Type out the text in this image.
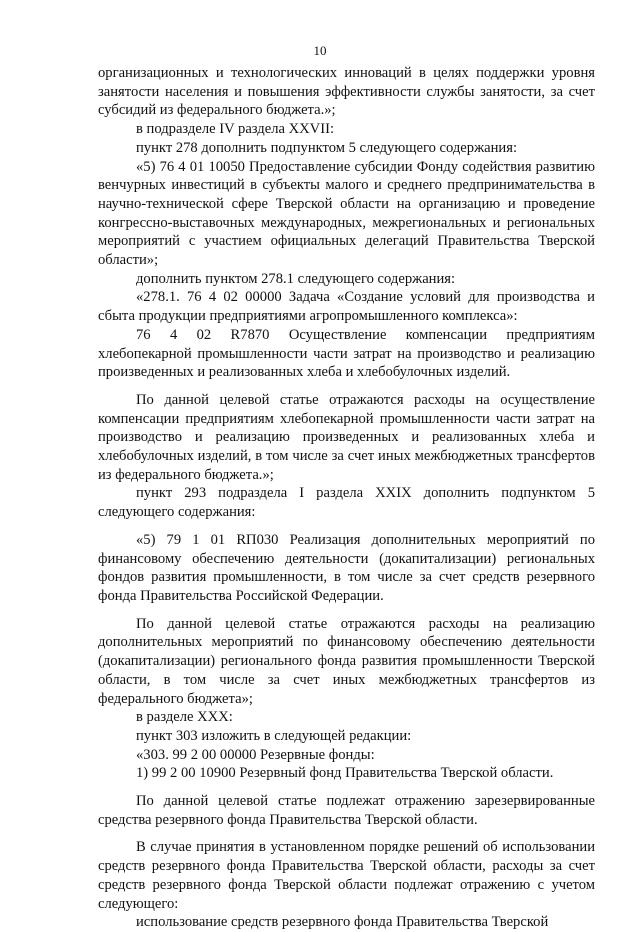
10

организационных и технологических инноваций в целях поддержки уровня занятости населения и повышения эффективности службы занятости, за счет субсидий из федерального бюджета.»;

в подразделе IV раздела XXVII:

пункт 278 дополнить подпунктом 5 следующего содержания:

«5) 76 4 01 10050 Предоставление субсидии Фонду содействия развитию венчурных инвестиций в субъекты малого и среднего предпринимательства в научно-технической сфере Тверской области на организацию и проведение конгрессно-выставочных международных, межрегиональных и региональных мероприятий с участием официальных делегаций Правительства Тверской области»;

дополнить пунктом 278.1 следующего содержания:

«278.1. 76 4 02 00000 Задача «Создание условий для производства и сбыта продукции предприятиями агропромышленного комплекса»:

76 4 02 R7870 Осуществление компенсации предприятиям хлебопекарной промышленности части затрат на производство и реализацию произведенных и реализованных хлеба и хлебобулочных изделий.

По данной целевой статье отражаются расходы на осуществление компенсации предприятиям хлебопекарной промышленности части затрат на производство и реализацию произведенных и реализованных хлеба и хлебобулочных изделий, в том числе за счет иных межбюджетных трансфертов из федерального бюджета.»;

пункт 293 подраздела I раздела XXIX дополнить подпунктом 5 следующего содержания:

«5) 79 1 01 RП030 Реализация дополнительных мероприятий по финансовому обеспечению деятельности (докапитализации) региональных фондов развития промышленности, в том числе за счет средств резервного фонда Правительства Российской Федерации.

По данной целевой статье отражаются расходы на реализацию дополнительных мероприятий по финансовому обеспечению деятельности (докапитализации) регионального фонда развития промышленности Тверской области, в том числе за счет иных межбюджетных трансфертов из федерального бюджета»;

в разделе XXX:

пункт 303 изложить в следующей редакции:

«303. 99 2 00 00000 Резервные фонды:

1) 99 2 00 10900 Резервный фонд Правительства Тверской области.

По данной целевой статье подлежат отражению зарезервированные средства резервного фонда Правительства Тверской области.

В случае принятия в установленном порядке решений об использовании средств резервного фонда Правительства Тверской области, расходы за счет средств резервного фонда Тверской области подлежат отражению с учетом следующего:

использование средств резервного фонда Правительства Тверской
